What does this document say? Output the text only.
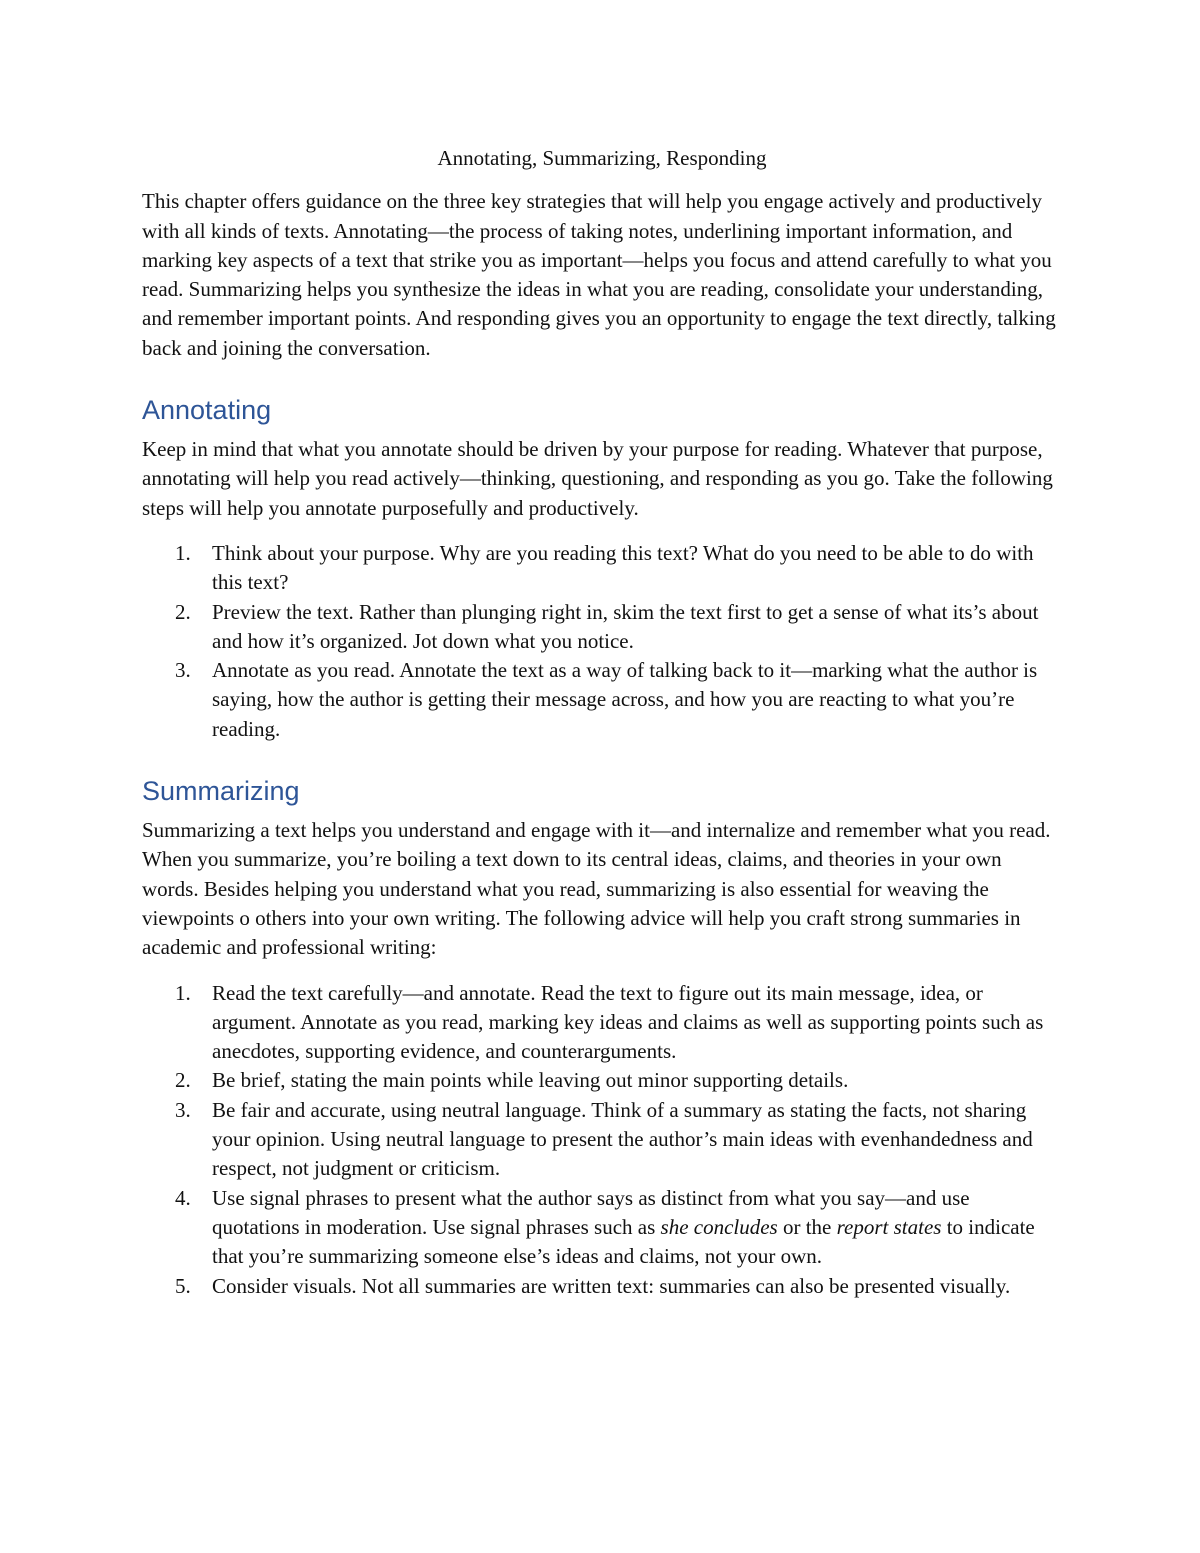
Annotating, Summarizing, Responding

This chapter offers guidance on the three key strategies that will help you engage actively and productively with all kinds of texts. Annotating—the process of taking notes, underlining important information, and marking key aspects of a text that strike you as important—helps you focus and attend carefully to what you read. Summarizing helps you synthesize the ideas in what you are reading, consolidate your understanding, and remember important points. And responding gives you an opportunity to engage the text directly, talking back and joining the conversation.

Annotating

Keep in mind that what you annotate should be driven by your purpose for reading. Whatever that purpose, annotating will help you read actively—thinking, questioning, and responding as you go. Take the following steps will help you annotate purposefully and productively.

1. Think about your purpose. Why are you reading this text? What do you need to be able to do with this text?
2. Preview the text. Rather than plunging right in, skim the text first to get a sense of what its’s about and how it’s organized. Jot down what you notice.
3. Annotate as you read. Annotate the text as a way of talking back to it—marking what the author is saying, how the author is getting their message across, and how you are reacting to what you’re reading.
Summarizing

Summarizing a text helps you understand and engage with it—and internalize and remember what you read. When you summarize, you’re boiling a text down to its central ideas, claims, and theories in your own words. Besides helping you understand what you read, summarizing is also essential for weaving the viewpoints o others into your own writing. The following advice will help you craft strong summaries in academic and professional writing:

1. Read the text carefully—and annotate. Read the text to figure out its main message, idea, or argument. Annotate as you read, marking key ideas and claims as well as supporting points such as anecdotes, supporting evidence, and counterarguments.
2. Be brief, stating the main points while leaving out minor supporting details.
3. Be fair and accurate, using neutral language. Think of a summary as stating the facts, not sharing your opinion. Using neutral language to present the author’s main ideas with evenhandedness and respect, not judgment or criticism.
4. Use signal phrases to present what the author says as distinct from what you say—and use quotations in moderation. Use signal phrases such as she concludes or the report states to indicate that you’re summarizing someone else’s ideas and claims, not your own.
5. Consider visuals. Not all summaries are written text: summaries can also be presented visually.
